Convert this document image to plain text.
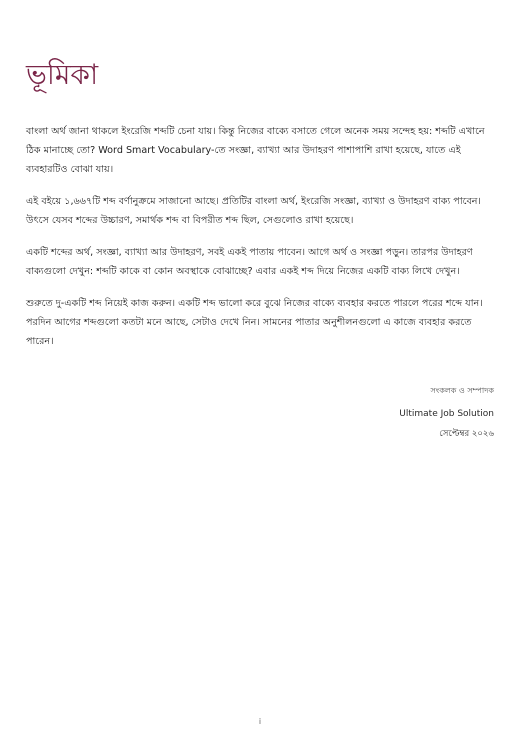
ভূমিকা

বাংলা অর্থ জানা থাকলে ইংরেজি শব্দটি চেনা যায়। কিন্তু নিজের বাক্যে বসাতে গেলে অনেক সময় সন্দেহ হয়: শব্দটি এখানে ঠিক মানাচ্ছে তো? Word Smart Vocabulary-তে সংজ্ঞা, ব্যাখ্যা আর উদাহরণ পাশাপাশি রাখা হয়েছে, যাতে এই ব্যবহারটিও বোঝা যায়।

এই বইয়ে ১,৬৬৭টি শব্দ বর্ণানুক্রমে সাজানো আছে। প্রতিটির বাংলা অর্থ, ইংরেজি সংজ্ঞা, ব্যাখ্যা ও উদাহরণ বাক্য পাবেন। উৎসে যেসব শব্দের উচ্চারণ, সমার্থক শব্দ বা বিপরীত শব্দ ছিল, সেগুলোও রাখা হয়েছে।

একটি শব্দের অর্থ, সংজ্ঞা, ব্যাখ্যা আর উদাহরণ, সবই একই পাতায় পাবেন। আগে অর্থ ও সংজ্ঞা পড়ুন। তারপর উদাহরণ বাক্যগুলো দেখুন: শব্দটি কাকে বা কোন অবস্থাকে বোঝাচ্ছে? এবার একই শব্দ দিয়ে নিজের একটি বাক্য লিখে দেখুন।

শুরুতে দু-একটি শব্দ নিয়েই কাজ করুন। একটি শব্দ ভালো করে বুঝে নিজের বাক্যে ব্যবহার করতে পারলে পরের শব্দে যান। পরদিন আগের শব্দগুলো কতটা মনে আছে, সেটাও দেখে নিন। সামনের পাতার অনুশীলনগুলো এ কাজে ব্যবহার করতে পারেন।

সংকলক ও সম্পাদক

Ultimate Job Solution

সেপ্টেম্বর ২০২৬

i
